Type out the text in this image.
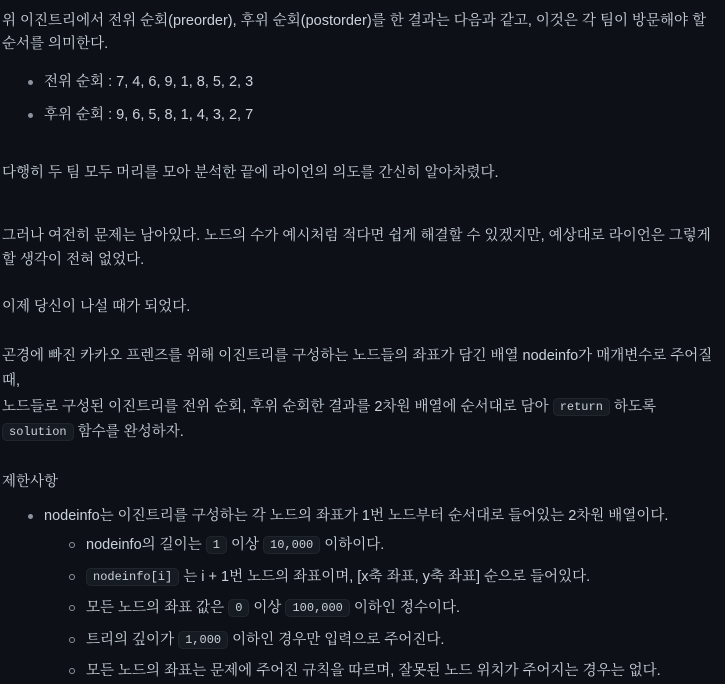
위 이진트리에서 전위 순회(preorder), 후위 순회(postorder)를 한 결과는 다음과 같고, 이것은 각 팀이 방문해야 할 순서를 의미한다.

전위 순회 : 7, 4, 6, 9, 1, 8, 5, 2, 3
후위 순회 : 9, 6, 5, 8, 1, 4, 3, 2, 7

다행히 두 팀 모두 머리를 모아 분석한 끝에 라이언의 의도를 간신히 알아차렸다.

그러나 여전히 문제는 남아있다. 노드의 수가 예시처럼 적다면 쉽게 해결할 수 있겠지만, 예상대로 라이언은 그렇게 할 생각이 전혀 없었다.

이제 당신이 나설 때가 되었다.

곤경에 빠진 카카오 프렌즈를 위해 이진트리를 구성하는 노드들의 좌표가 담긴 배열 nodeinfo가 매개변수로 주어질 때,

노드들로 구성된 이진트리를 전위 순회, 후위 순회한 결과를 2차원 배열에 순서대로 담아 return 하도록

solution 함수를 완성하자.

제한사항
nodeinfo는 이진트리를 구성하는 각 노드의 좌표가 1번 노드부터 순서대로 들어있는 2차원 배열이다.
nodeinfo의 길이는 1 이상 10,000 이하이다.
nodeinfo[i] 는 i + 1번 노드의 좌표이며, [x축 좌표, y축 좌표] 순으로 들어있다.
모든 노드의 좌표 값은 0 이상 100,000 이하인 정수이다.
트리의 깊이가 1,000 이하인 경우만 입력으로 주어진다.
모든 노드의 좌표는 문제에 주어진 규칙을 따르며, 잘못된 노드 위치가 주어지는 경우는 없다.
